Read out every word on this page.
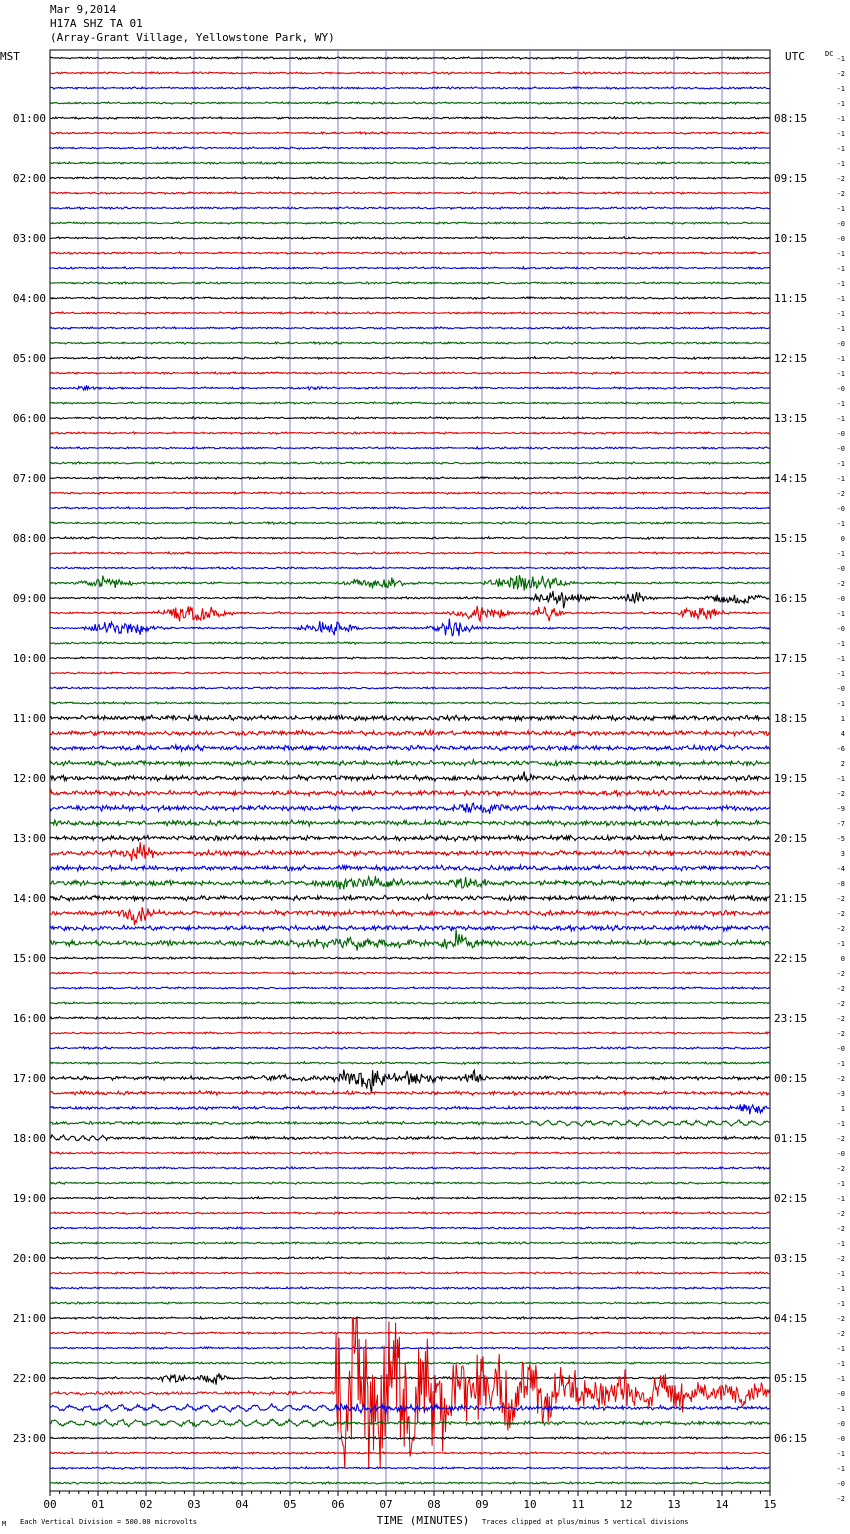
Mar 9,2014
H17A SHZ TA 01
(Array-Grant Village, Yellowstone Park, WY)
00	01	02	03	04	05	06	07	08	09	10	11	12	13	14	15
01:00
02:00
03:00
04:00
05:00
06:00
07:00
08:00
09:00
10:00
11:00
12:00
13:00
14:00
15:00
16:00
17:00
18:00
19:00
20:00
21:00
22:00
23:00
08:15
09:15
10:15
11:15
12:15
13:15
14:15
15:15
16:15
17:15
18:15
19:15
20:15
21:15
22:15
23:15
00:15
01:15
02:15
03:15
04:15
05:15
06:15
-1
-2
-1
-1
-1
-1
-1
-1
-2
-2
-1
-0
-0
-1
-1
-1
-1
-1
-1
-0
-1
-1
-0
-1
-1
-0
-0
-1
-1
-2
-0
-1
0
-1
-0
-2
-0
-1
-0
-1
-1
-1
-0
-1
1
4
-6
2
-1
-2
-9
-7
-5
3
-4
-8
-2
-2
-2
-1
0
-2
-2
-2
-2
-2
-0
-1
-2
-3
1
-1
-2
-0
-2
-1
-1
-2
-2
-1
-2
-1
-1
-1
-2
-2
-1
-1
-1
-0
-1
-0
-0
-1
-1
-0
-2
MST	UTC	DC
TIME (MINUTES)
Each Vertical Division = 500.00 microvolts	Traces clipped at plus/minus 5 vertical divisions
M
